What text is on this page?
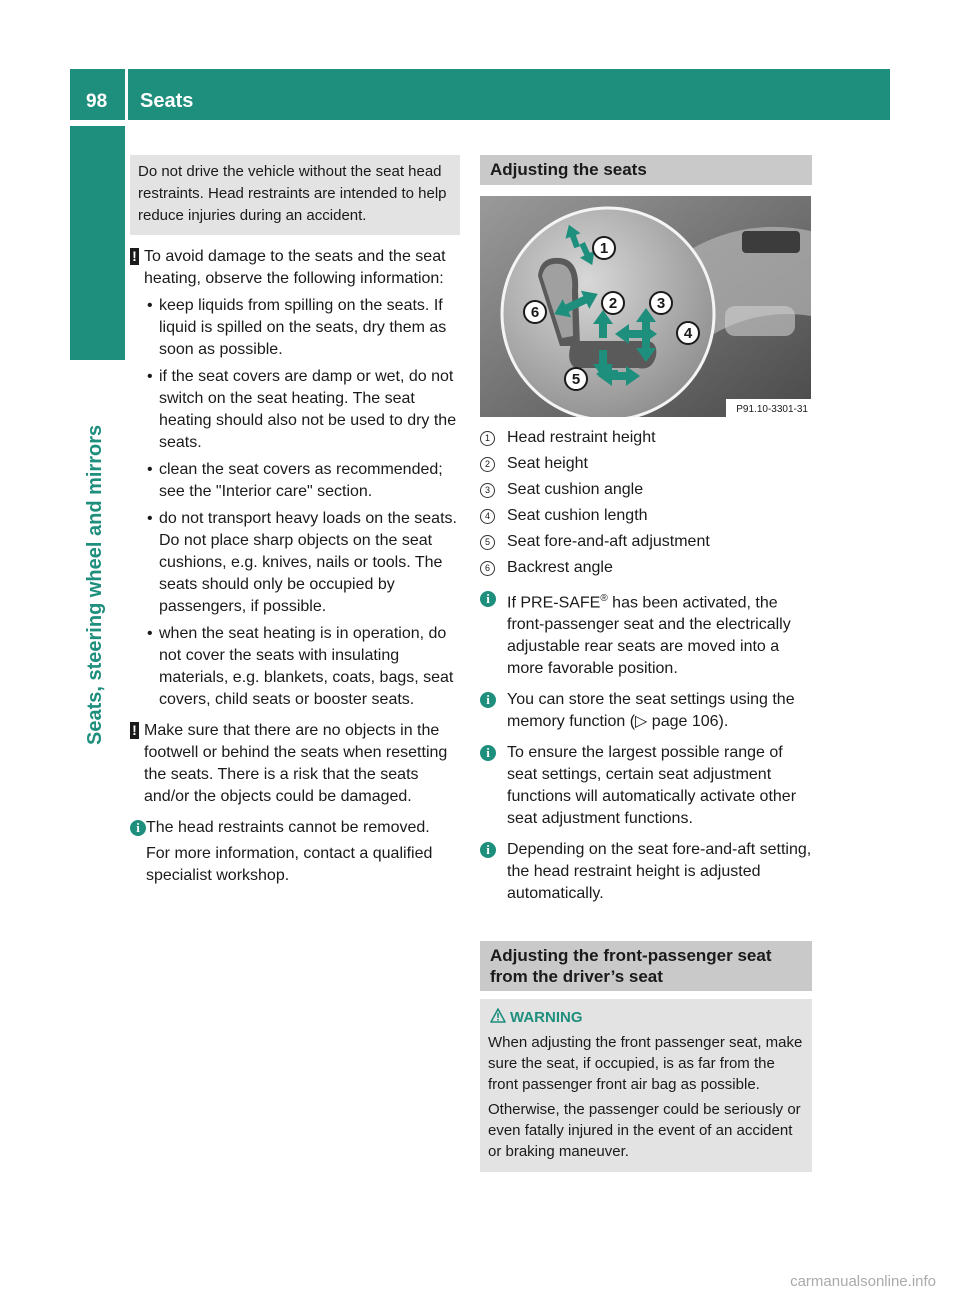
98	Seats
Seats, steering wheel and mirrors
Do not drive the vehicle without the seat head restraints. Head restraints are intended to help reduce injuries during an accident.
! To avoid damage to the seats and the seat heating, observe the following information:
• keep liquids from spilling on the seats. If liquid is spilled on the seats, dry them as soon as possible.
• if the seat covers are damp or wet, do not switch on the seat heating. The seat heating should also not be used to dry the seats.
• clean the seat covers as recommended; see the "Interior care" section.
• do not transport heavy loads on the seats. Do not place sharp objects on the seat cushions, e.g. knives, nails or tools. The seats should only be occupied by passengers, if possible.
• when the seat heating is in operation, do not cover the seats with insulating materials, e.g. blankets, coats, bags, seat covers, child seats or booster seats.
! Make sure that there are no objects in the footwell or behind the seats when resetting the seats. There is a risk that the seats and/or the objects could be damaged.
i The head restraints cannot be removed.
For more information, contact a qualified specialist workshop.
Adjusting the seats
1
2	3
4
5
6
P91.10-3301-31
1	Head restraint height
2	Seat height
3	Seat cushion angle
4	Seat cushion length
5	Seat fore-and-aft adjustment
6	Backrest angle
i	If PRE-SAFE® has been activated, the front-passenger seat and the electrically adjustable rear seats are moved into a more favorable position.
i	You can store the seat settings using the memory function (▷ page 106).
i	To ensure the largest possible range of seat settings, certain seat adjustment functions will automatically activate other seat adjustment functions.
i	Depending on the seat fore-and-aft setting, the head restraint height is adjusted automatically.
Adjusting the front-passenger seat from the driver’s seat
WARNING

When adjusting the front passenger seat, make sure the seat, if occupied, is as far from the front passenger front air bag as possible.

Otherwise, the passenger could be seriously or even fatally injured in the event of an accident or braking maneuver.

carmanualsonline.info
